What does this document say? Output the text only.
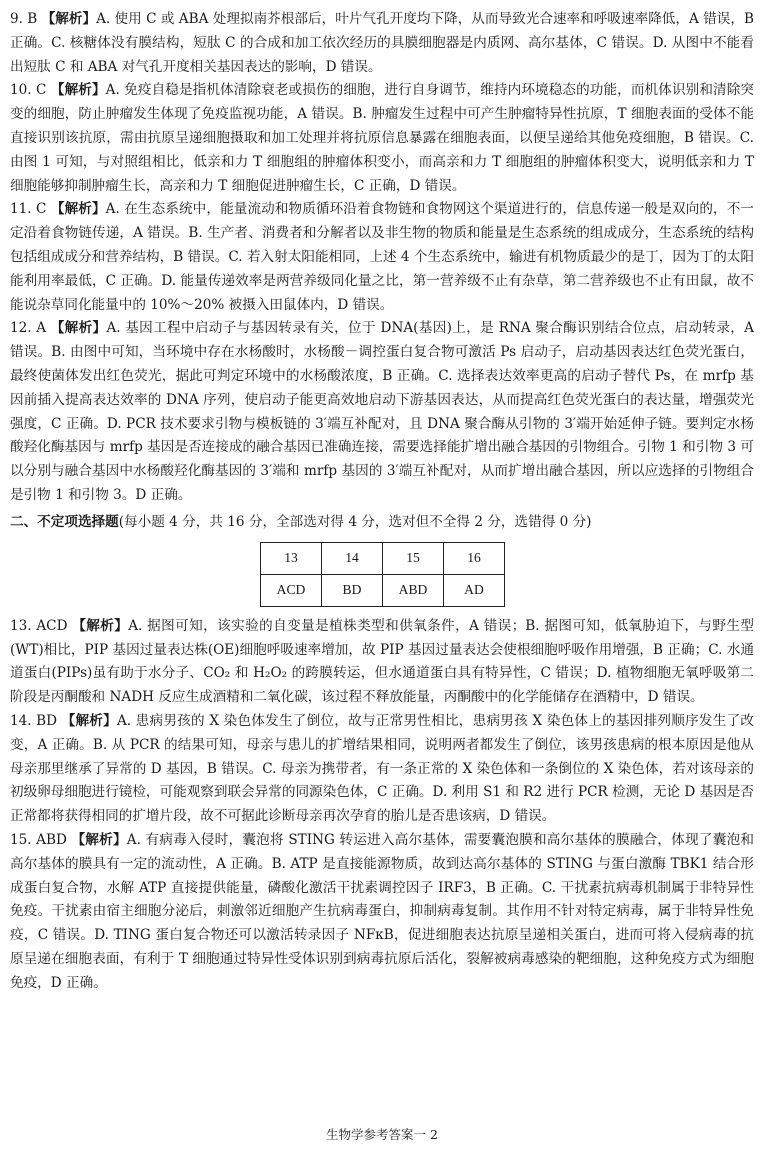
9. B 【解析】A. 使用 C 或 ABA 处理拟南芥根部后，叶片气孔开度均下降，从而导致光合速率和呼吸速率降低，A 错误，B 正确。C. 核糖体没有膜结构，短肽 C 的合成和加工依次经历的具膜细胞器是内质网、高尔基体，C 错误。D. 从图中不能看出短肽 C 和 ABA 对气孔开度相关基因表达的影响，D 错误。

10. C 【解析】A. 免疫自稳是指机体清除衰老或损伤的细胞，进行自身调节，维持内环境稳态的功能，而机体识别和清除突变的细胞，防止肿瘤发生体现了免疫监视功能，A 错误。B. 肿瘤发生过程中可产生肿瘤特异性抗原，T 细胞表面的受体不能直接识别该抗原，需由抗原呈递细胞摄取和加工处理并将抗原信息暴露在细胞表面，以便呈递给其他免疫细胞，B 错误。C. 由图 1 可知，与对照组相比，低亲和力 T 细胞组的肿瘤体积变小，而高亲和力 T 细胞组的肿瘤体积变大，说明低亲和力 T 细胞能够抑制肿瘤生长，高亲和力 T 细胞促进肿瘤生长，C 正确，D 错误。

11. C 【解析】A. 在生态系统中，能量流动和物质循环沿着食物链和食物网这个渠道进行的，信息传递一般是双向的，不一定沿着食物链传递，A 错误。B. 生产者、消费者和分解者以及非生物的物质和能量是生态系统的组成成分，生态系统的结构包括组成成分和营养结构，B 错误。C. 若入射太阳能相同，上述 4 个生态系统中，输进有机物质最少的是丁，因为丁的太阳能利用率最低，C 正确。D. 能量传递效率是两营养级同化量之比，第一营养级不止有杂草，第二营养级也不止有田鼠，故不能说杂草同化能量中的 10%～20% 被摄入田鼠体内，D 错误。

12. A 【解析】A. 基因工程中启动子与基因转录有关，位于 DNA(基因)上，是 RNA 聚合酶识别结合位点，启动转录，A 错误。B. 由图中可知，当环境中存在水杨酸时，水杨酸－调控蛋白复合物可激活 Ps 启动子，启动基因表达红色荧光蛋白，最终使菌体发出红色荧光，据此可判定环境中的水杨酸浓度，B 正确。C. 选择表达效率更高的启动子替代 Ps，在 mrfp 基因前插入提高表达效率的 DNA 序列，使启动子能更高效地启动下游基因表达，从而提高红色荧光蛋白的表达量，增强荧光强度，C 正确。D. PCR 技术要求引物与模板链的 3′端互补配对，且 DNA 聚合酶从引物的 3′端开始延伸子链。要判定水杨酸羟化酶基因与 mrfp 基因是否连接成的融合基因已准确连接，需要选择能扩增出融合基因的引物组合。引物 1 和引物 3 可以分别与融合基因中水杨酸羟化酶基因的 3′端和 mrfp 基因的 3′端互补配对，从而扩增出融合基因，所以应选择的引物组合是引物 1 和引物 3。D 正确。

二、不定项选择题(每小题 4 分，共 16 分，全部选对得 4 分，选对但不全得 2 分，选错得 0 分)

13	14	15	16
ACD	BD	ABD	AD

13. ACD 【解析】A. 据图可知，该实验的自变量是植株类型和供氧条件，A 错误；B. 据图可知，低氧胁迫下，与野生型(WT)相比，PIP 基因过量表达株(OE)细胞呼吸速率增加，故 PIP 基因过量表达会使根细胞呼吸作用增强，B 正确；C. 水通道蛋白(PIPs)虽有助于水分子、CO₂ 和 H₂O₂ 的跨膜转运，但水通道蛋白具有特异性，C 错误；D. 植物细胞无氧呼吸第二阶段是丙酮酸和 NADH 反应生成酒精和二氧化碳，该过程不释放能量，丙酮酸中的化学能储存在酒精中，D 错误。

14. BD 【解析】A. 患病男孩的 X 染色体发生了倒位，故与正常男性相比，患病男孩 X 染色体上的基因排列顺序发生了改变，A 正确。B. 从 PCR 的结果可知，母亲与患儿的扩增结果相同，说明两者都发生了倒位，该男孩患病的根本原因是他从母亲那里继承了异常的 D 基因，B 错误。C. 母亲为携带者，有一条正常的 X 染色体和一条倒位的 X 染色体，若对该母亲的初级卵母细胞进行镜检，可能观察到联会异常的同源染色体，C 正确。D. 利用 S1 和 R2 进行 PCR 检测，无论 D 基因是否正常都将获得相同的扩增片段，故不可据此诊断母亲再次孕育的胎儿是否患该病，D 错误。

15. ABD 【解析】A. 有病毒入侵时，囊泡将 STING 转运进入高尔基体，需要囊泡膜和高尔基体的膜融合，体现了囊泡和高尔基体的膜具有一定的流动性，A 正确。B. ATP 是直接能源物质，故到达高尔基体的 STING 与蛋白激酶 TBK1 结合形成蛋白复合物，水解 ATP 直接提供能量，磷酸化激活干扰素调控因子 IRF3，B 正确。C. 干扰素抗病毒机制属于非特异性免疫。干扰素由宿主细胞分泌后，刺激邻近细胞产生抗病毒蛋白，抑制病毒复制。其作用不针对特定病毒，属于非特异性免疫，C 错误。D. TING 蛋白复合物还可以激活转录因子 NFκB，促进细胞表达抗原呈递相关蛋白，进而可将入侵病毒的抗原呈递在细胞表面，有利于 T 细胞通过特异性受体识别到病毒抗原后活化，裂解被病毒感染的靶细胞，这种免疫方式为细胞免疫，D 正确。

生物学参考答案一 2
